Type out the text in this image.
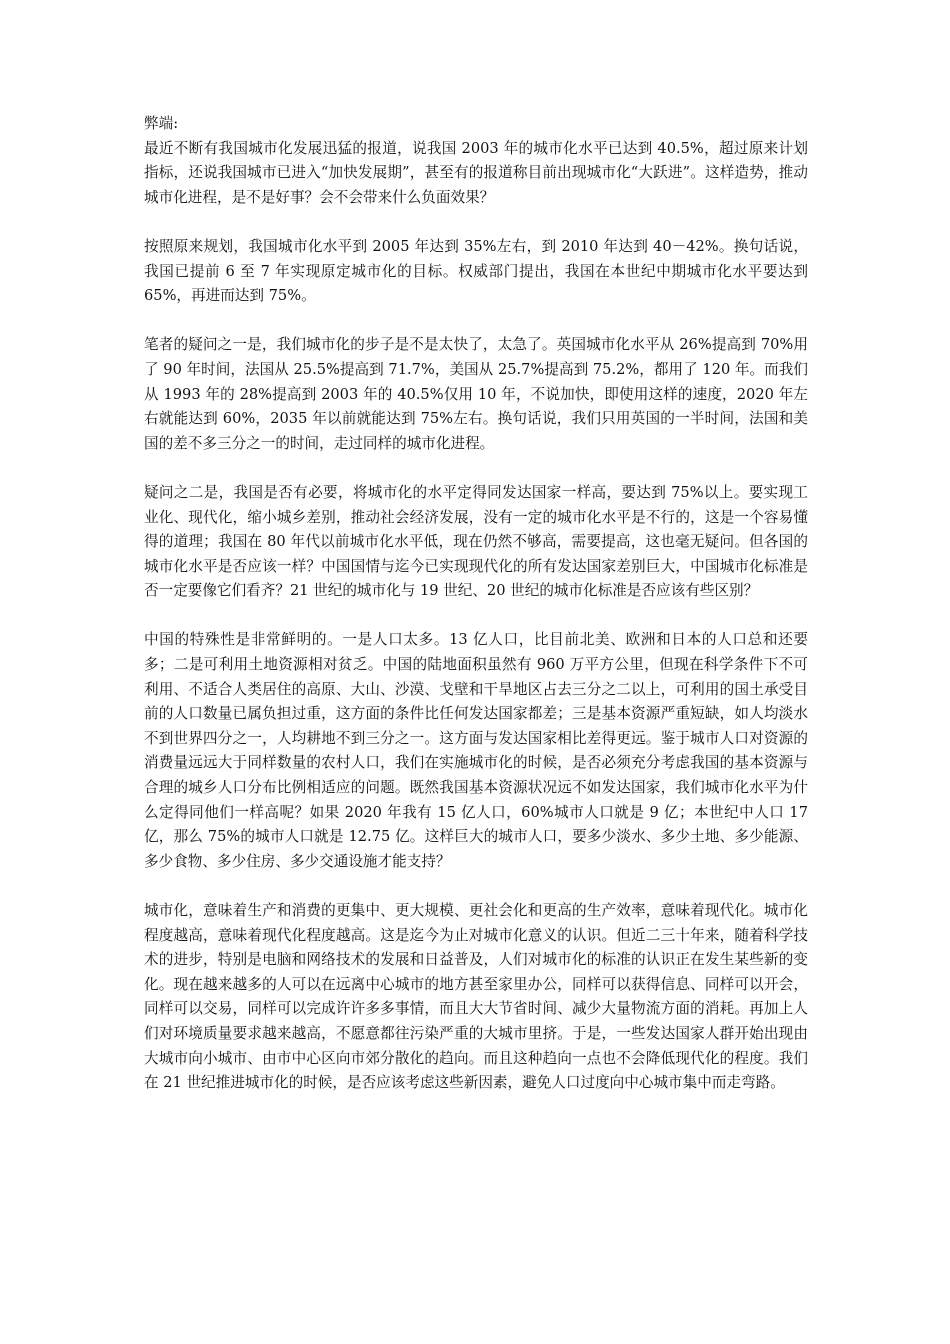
弊端:

最近不断有我国城市化发展迅猛的报道，说我国 2003 年的城市化水平已达到 40.5%，超过原来计划指标，还说我国城市已进入“加快发展期”，甚至有的报道称目前出现城市化“大跃进”。这样造势，推动城市化进程，是不是好事？会不会带来什么负面效果？

按照原来规划，我国城市化水平到 2005 年达到 35%左右，到 2010 年达到 40－42%。换句话说，我国已提前 6 至 7 年实现原定城市化的目标。权威部门提出，我国在本世纪中期城市化水平要达到 65%，再进而达到 75%。

笔者的疑问之一是，我们城市化的步子是不是太快了，太急了。英国城市化水平从 26%提高到 70%用了 90 年时间，法国从 25.5%提高到 71.7%，美国从 25.7%提高到 75.2%，都用了 120 年。而我们从 1993 年的 28%提高到 2003 年的 40.5%仅用 10 年，不说加快，即使用这样的速度，2020 年左右就能达到 60%，2035 年以前就能达到 75%左右。换句话说，我们只用英国的一半时间，法国和美国的差不多三分之一的时间，走过同样的城市化进程。

疑问之二是，我国是否有必要，将城市化的水平定得同发达国家一样高，要达到 75%以上。要实现工业化、现代化，缩小城乡差别，推动社会经济发展，没有一定的城市化水平是不行的，这是一个容易懂得的道理；我国在 80 年代以前城市化水平低，现在仍然不够高，需要提高，这也毫无疑问。但各国的城市化水平是否应该一样？中国国情与迄今已实现现代化的所有发达国家差别巨大，中国城市化标准是否一定要像它们看齐？21 世纪的城市化与 19 世纪、20 世纪的城市化标准是否应该有些区别？

中国的特殊性是非常鲜明的。一是人口太多。13 亿人口，比目前北美、欧洲和日本的人口总和还要多；二是可利用土地资源相对贫乏。中国的陆地面积虽然有 960 万平方公里，但现在科学条件下不可利用、不适合人类居住的高原、大山、沙漠、戈壁和干旱地区占去三分之二以上，可利用的国土承受目前的人口数量已属负担过重，这方面的条件比任何发达国家都差；三是基本资源严重短缺，如人均淡水不到世界四分之一，人均耕地不到三分之一。这方面与发达国家相比差得更远。鉴于城市人口对资源的消费量远远大于同样数量的农村人口，我们在实施城市化的时候，是否必须充分考虑我国的基本资源与合理的城乡人口分布比例相适应的问题。既然我国基本资源状况远不如发达国家，我们城市化水平为什么定得同他们一样高呢？如果 2020 年我有 15 亿人口，60%城市人口就是 9 亿；本世纪中人口 17 亿，那么 75%的城市人口就是 12.75 亿。这样巨大的城市人口，要多少淡水、多少土地、多少能源、多少食物、多少住房、多少交通设施才能支持？

城市化，意味着生产和消费的更集中、更大规模、更社会化和更高的生产效率，意味着现代化。城市化程度越高，意味着现代化程度越高。这是迄今为止对城市化意义的认识。但近二三十年来，随着科学技术的进步，特别是电脑和网络技术的发展和日益普及，人们对城市化的标准的认识正在发生某些新的变化。现在越来越多的人可以在远离中心城市的地方甚至家里办公，同样可以获得信息、同样可以开会，同样可以交易，同样可以完成许许多多事情，而且大大节省时间、减少大量物流方面的消耗。再加上人们对环境质量要求越来越高，不愿意都往污染严重的大城市里挤。于是，一些发达国家人群开始出现由大城市向小城市、由市中心区向市郊分散化的趋向。而且这种趋向一点也不会降低现代化的程度。我们在 21 世纪推进城市化的时候，是否应该考虑这些新因素，避免人口过度向中心城市集中而走弯路。
